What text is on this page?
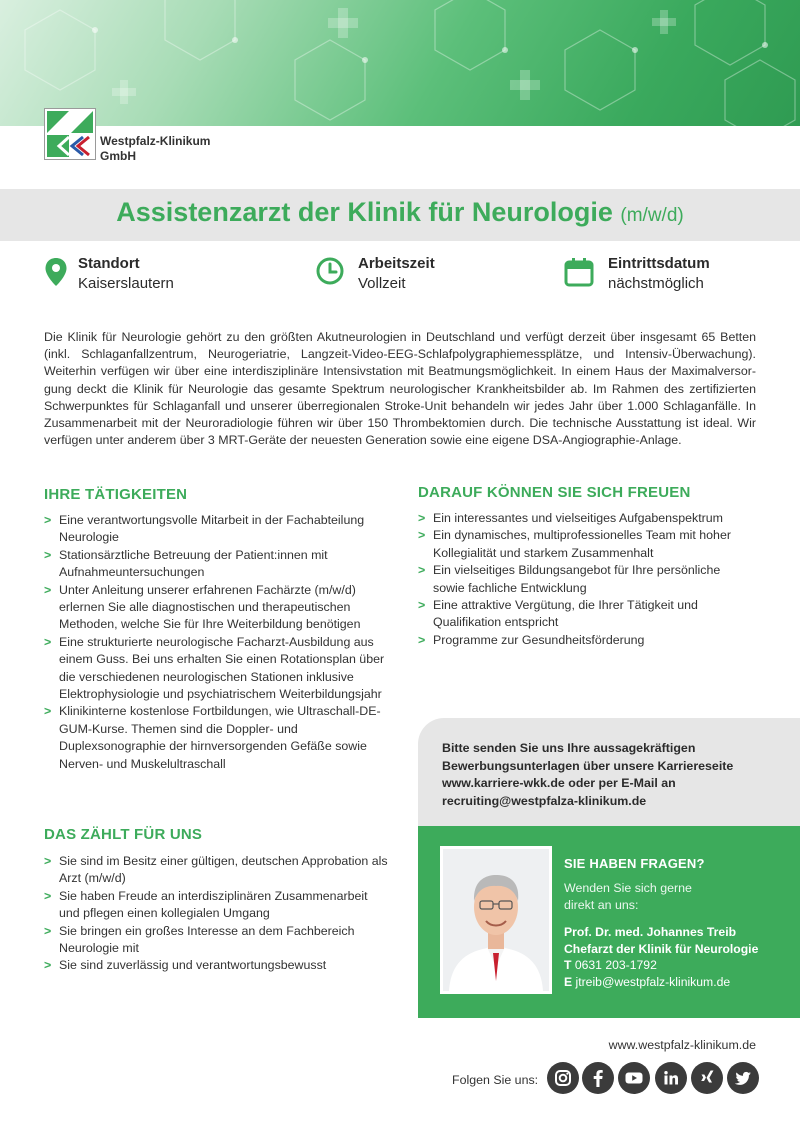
Westpfalz-Klinikum
GmbH
Assistenzarzt der Klinik für Neurologie (m/w/d)
Standort
Kaiserslautern
Arbeitszeit
Vollzeit
Eintrittsdatum
nächstmöglich

Die Klinik für Neurologie gehört zu den größten Akutneurologien in Deutschland und verfügt derzeit über insgesamt 65 Betten (inkl. Schlaganfallzentrum, Neurogeriatrie, Langzeit-Video-EEG-Schlafpolygraphiemessplätze, und Intensiv-Überwachung). Weiterhin verfügen wir über eine interdisziplinäre Intensivstation mit Beatmungsmöglichkeit. In einem Haus der Maximalversorgung deckt die Klinik für Neurologie das gesamte Spektrum neurologischer Krankheitsbilder ab. Im Rahmen des zertifizierten Schwerpunktes für Schlaganfall und unserer überregionalen Stroke-Unit behandeln wir jedes Jahr über 1.000 Schlaganfälle. In Zusammenarbeit mit der Neuroradiologie führen wir über 150 Thrombektomien durch. Die technische Ausstattung ist ideal. Wir verfügen unter anderem über 3 MRT-Geräte der neuesten Generation sowie eine eigene DSA-Angiographie-Anlage.

IHRE TÄTIGKEITEN
> Eine verantwortungsvolle Mitarbeit in der Fachabteilung Neurologie
> Stationsärztliche Betreuung der Patient:innen mit Aufnahmeuntersuchungen
> Unter Anleitung unserer erfahrenen Fachärzte (m/w/d) erlernen Sie alle diagnostischen und therapeutischen Methoden, welche Sie für Ihre Weiterbildung benötigen
> Eine strukturierte neurologische Facharzt-Ausbildung aus einem Guss. Bei uns erhalten Sie einen Rotationsplan über die verschiedenen neurologischen Stationen inklusive Elektrophysiologie und psychiatrischem Weiterbildungsjahr
> Klinikinterne kostenlose Fortbildungen, wie Ultraschall-DE-GUM-Kurse. Themen sind die Doppler- und Duplexsonographie der hirnversorgenden Gefäße sowie Nerven- und Muskelultraschall
DARAUF KÖNNEN SIE SICH FREUEN
> Ein interessantes und vielseitiges Aufgabenspektrum
> Ein dynamisches, multiprofessionelles Team mit hoher Kollegialität und starkem Zusammenhalt
> Ein vielseitiges Bildungsangebot für Ihre persönliche sowie fachliche Entwicklung
> Eine attraktive Vergütung, die Ihrer Tätigkeit und Qualifikation entspricht
> Programme zur Gesundheitsförderung
DAS ZÄHLT FÜR UNS
> Sie sind im Besitz einer gültigen, deutschen Approbation als Arzt (m/w/d)
> Sie haben Freude an interdisziplinären Zusammenarbeit und pflegen einen kollegialen Umgang
> Sie bringen ein großes Interesse an dem Fachbereich Neurologie mit
> Sie sind zuverlässig und verantwortungsbewusst
Bitte senden Sie uns Ihre aussagekräftigen
Bewerbungsunterlagen über unsere Karriereseite
www.karriere-wkk.de oder per E-Mail an
recruiting@westpfalza-klinikum.de
SIE HABEN FRAGEN?
Wenden Sie sich gerne
direkt an uns:
Prof. Dr. med. Johannes Treib
Chefarzt der Klinik für Neurologie
T 0631 203-1792
E jtreib@westpfalz-klinikum.de
www.westpfalz-klinikum.de
Folgen Sie uns:
